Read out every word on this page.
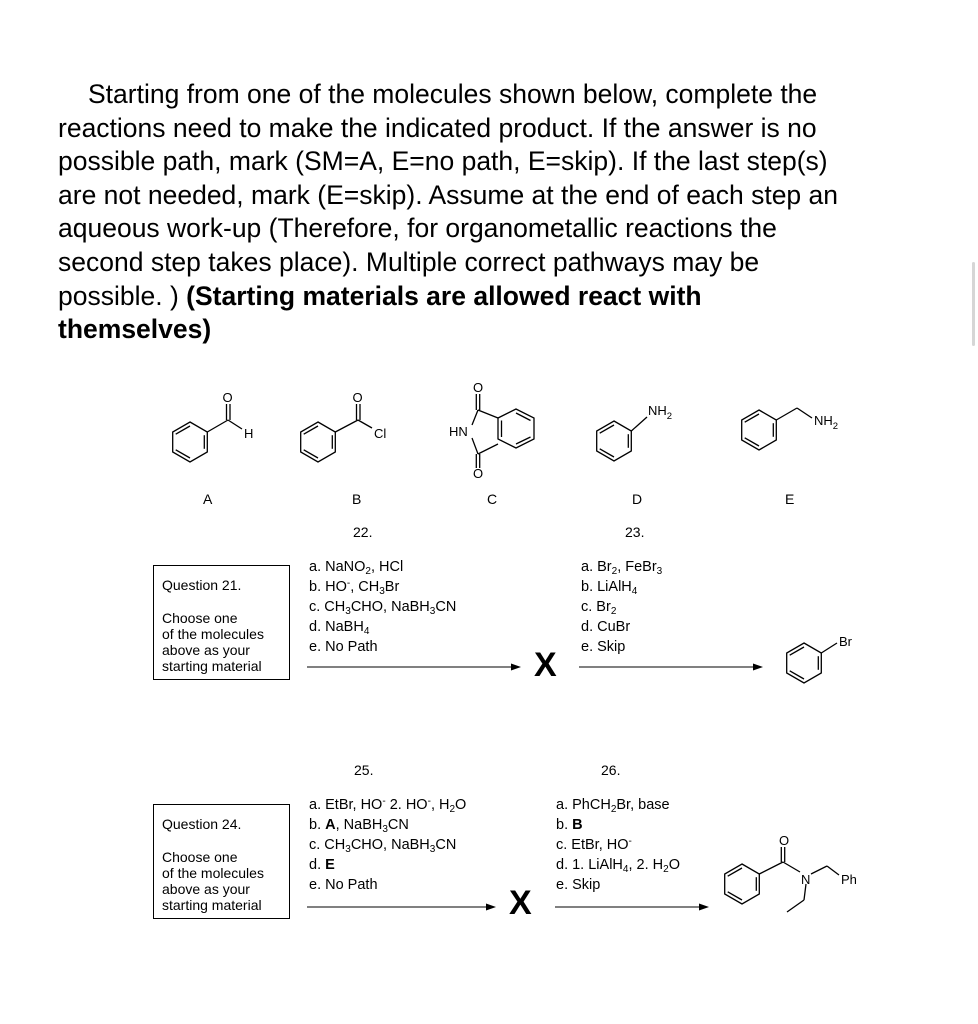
Starting from one of the molecules shown below, complete the
reactions need to make the indicated product. If the answer is no
possible path, mark (SM=A, E=no path, E=skip). If the last step(s)
are not needed, mark (E=skip). Assume at the end of each step an
aqueous work-up (Therefore, for organometallic reactions the
second step takes place). Multiple correct pathways may be
possible. ) (Starting materials are allowed react with
themselves)
O
H
A
O
Cl
B
O
O
HN
C
$NH_2$
D
$NH_2$
E
22.	23.
Question 21.
Choose one
of the molecules
above as your
starting material
a. NaNO$_2$, HCl
b. HO-, $CH_3Br$
c. $CH_3CHO$, NaBH$_3$CN
d. NaBH$_4$
e. No Path	X
a. $Br_2$, FeBr$_3$
b. LiAlH$_4$
c. $Br_2$
d. CuBr
e. Skip	Br
25.	26.
Question 24.
Choose one
of the molecules
above as your
starting material
a. EtBr, HO- 2. HO-, $H_2O$
b. A, NaBH$_3$CN
c. $CH_3CHO$, NaBH$_3$CN
d. E
e. No Path	X
a. PhCH$_2$Br, base
b. B
c. EtBr, HO-
d. 1. LiAlH$_4$, 2. $H_2O$
e. Skip
O
N Ph
